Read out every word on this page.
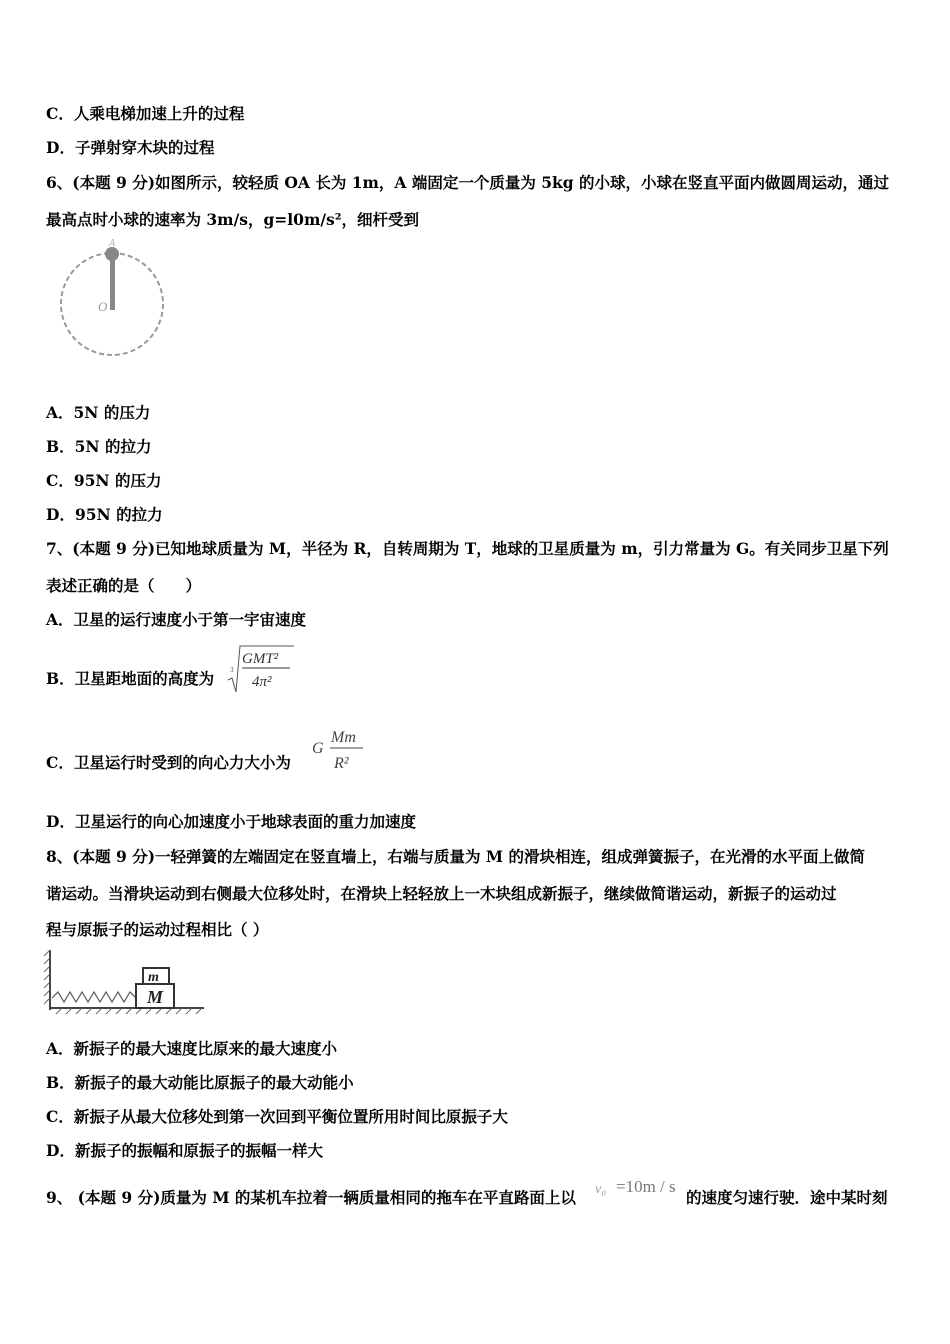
C．人乘电梯加速上升的过程
D．子弹射穿木块的过程
6、(本题 9 分)如图所示，较轻质 OA 长为 1m，A 端固定一个质量为 5kg 的小球，小球在竖直平面内做圆周运动，通过
最高点时小球的速率为 3m/s，g=l0m/s²，细杆受到
A
O
A．5N 的压力
B．5N 的拉力
C．95N 的压力
D．95N 的拉力
7、(本题 9 分)已知地球质量为 M，半径为 R，自转周期为 T，地球的卫星质量为 m，引力常量为 G。有关同步卫星下列
表述正确的是（　　）
A．卫星的运行速度小于第一宇宙速度
B．卫星距地面的高度为 3
GMT²
4π²
C．卫星运行时受到的向心力大小为
G
Mm
R²
D．卫星运行的向心加速度小于地球表面的重力加速度
8、(本题 9 分)一轻弹簧的左端固定在竖直墙上，右端与质量为 M 的滑块相连，组成弹簧振子，在光滑的水平面上做简
谐运动。当滑块运动到右侧最大位移处时，在滑块上轻轻放上一木块组成新振子，继续做简谐运动，新振子的运动过
程与原振子的运动过程相比（ ）
M
m
A．新振子的最大速度比原来的最大速度小
B．新振子的最大动能比原振子的最大动能小
C．新振子从最大位移处到第一次回到平衡位置所用时间比原振子大
D．新振子的振幅和原振子的振幅一样大
9、 (本题 9 分)质量为 M 的某机车拉着一辆质量相同的拖车在平直路面上以 v₀ =10m / s
的速度匀速行驶．途中某时刻
